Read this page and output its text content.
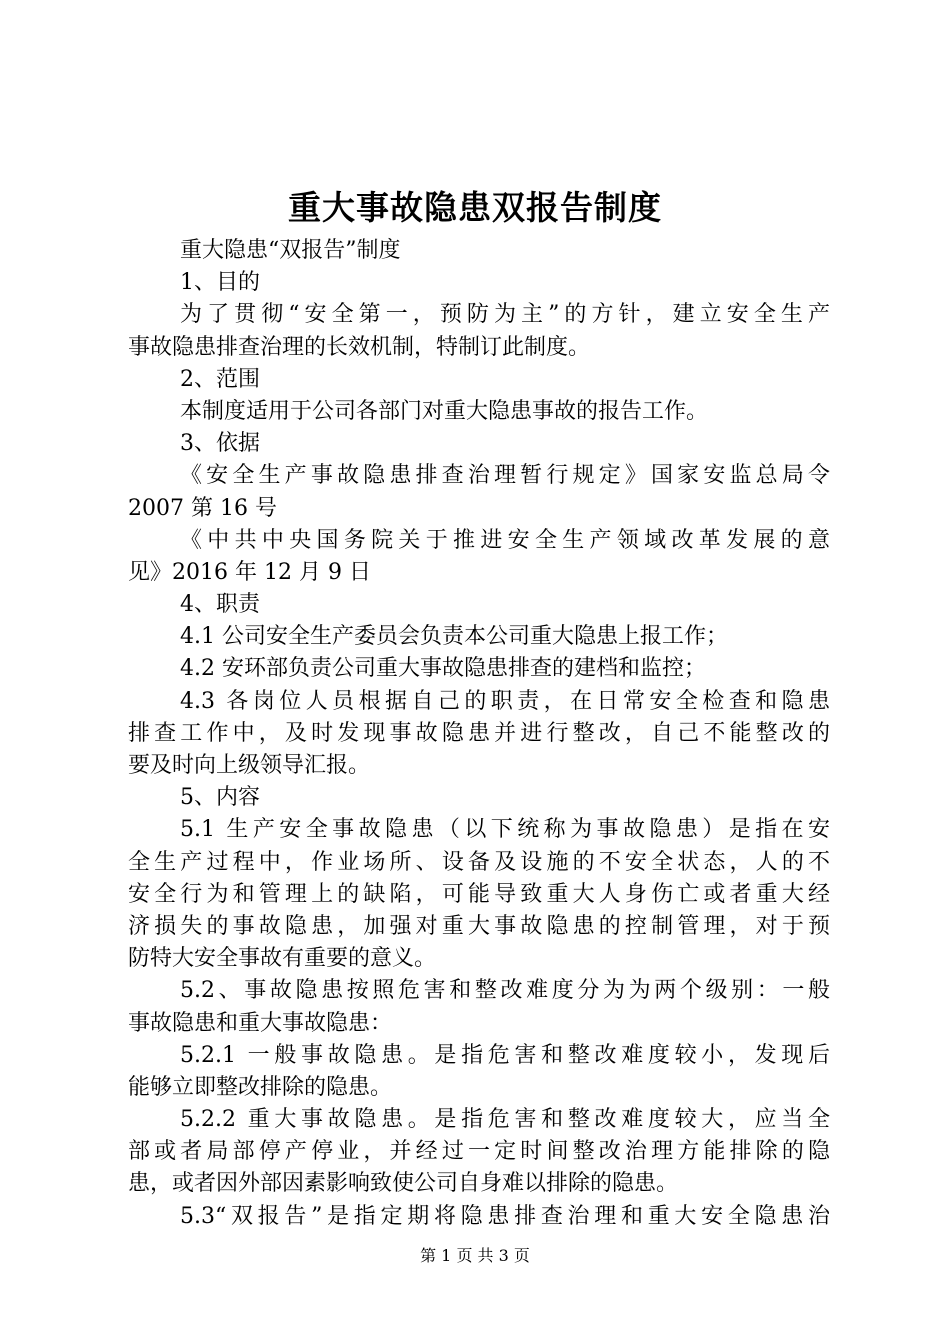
重大事故隐患双报告制度
重大隐患“双报告”制度
1、目的
为了贯彻“安全第一，预防为主”的方针，建立安全生产
事故隐患排查治理的长效机制，特制订此制度。
2、范围
本制度适用于公司各部门对重大隐患事故的报告工作。
3、依据
《安全生产事故隐患排查治理暂行规定》国家安监总局令
2007 第 16 号
《中共中央国务院关于推进安全生产领域改革发展的意
见》2016 年 12 月 9 日
4、职责
4.1 公司安全生产委员会负责本公司重大隐患上报工作；
4.2 安环部负责公司重大事故隐患排查的建档和监控；
4.3 各岗位人员根据自己的职责，在日常安全检查和隐患
排查工作中，及时发现事故隐患并进行整改，自己不能整改的
要及时向上级领导汇报。
5、内容
5.1 生产安全事故隐患（以下统称为事故隐患）是指在安
全生产过程中，作业场所、设备及设施的不安全状态，人的不
安全行为和管理上的缺陷，可能导致重大人身伤亡或者重大经
济损失的事故隐患，加强对重大事故隐患的控制管理，对于预
防特大安全事故有重要的意义。
5.2、事故隐患按照危害和整改难度分为为两个级别：一般
事故隐患和重大事故隐患：
5.2.1 一般事故隐患。是指危害和整改难度较小，发现后
能够立即整改排除的隐患。
5.2.2 重大事故隐患。是指危害和整改难度较大，应当全
部或者局部停产停业，并经过一定时间整改治理方能排除的隐
患，或者因外部因素影响致使公司自身难以排除的隐患。
5.3“双报告”是指定期将隐患排查治理和重大安全隐患治
第 1 页 共 3 页
